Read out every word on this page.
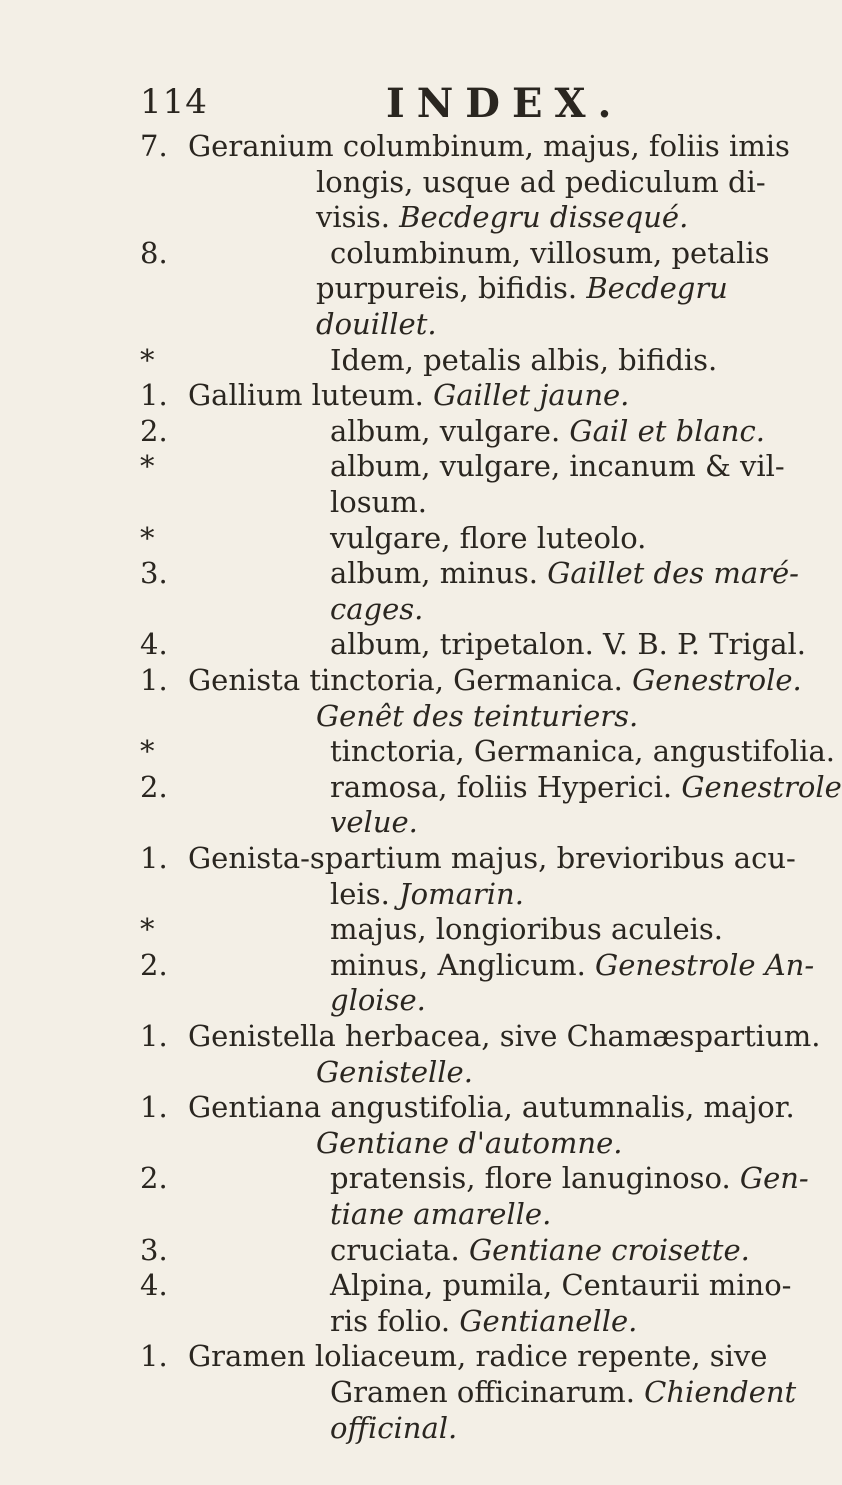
114	INDEX.
7. Geranium columbinum, majus, foliis imis
longis, usque ad pediculum di-
visis. Becdegru dissequé.
8.	columbinum, villosum, petalis
purpureis, bifidis. Becdegru
douillet.
*	Idem, petalis albis, bifidis.
1. Gallium luteum. Gaillet jaune.
2.	album, vulgare. Gail et blanc.
*	album, vulgare, incanum & vil-
losum.
*	vulgare, flore luteolo.
3.	album, minus. Gaillet des maré-
cages.
4.	album, tripetalon. V. B. P. Trigal.
1. Genista tinctoria, Germanica. Genestrole.
Genêt des teinturiers.
*	tinctoria, Germanica, angustifolia.
2.	ramosa, foliis Hyperici. Genestrole
velue.
1. Genista-spartium majus, brevioribus acu-
leis. Jomarin.
*	majus, longioribus aculeis.
2.	minus, Anglicum. Genestrole An-
gloise.
1. Genistella herbacea, sive Chamæspartium.
Genistelle.
1. Gentiana angustifolia, autumnalis, major.
Gentiane d'automne.
2.	pratensis, flore lanuginoso. Gen-
tiane amarelle.
3.	cruciata. Gentiane croisette.
4.	Alpina, pumila, Centaurii mino-
ris folio. Gentianelle.
1. Gramen loliaceum, radice repente, sive
Gramen officinarum. Chiendent
officinal.
